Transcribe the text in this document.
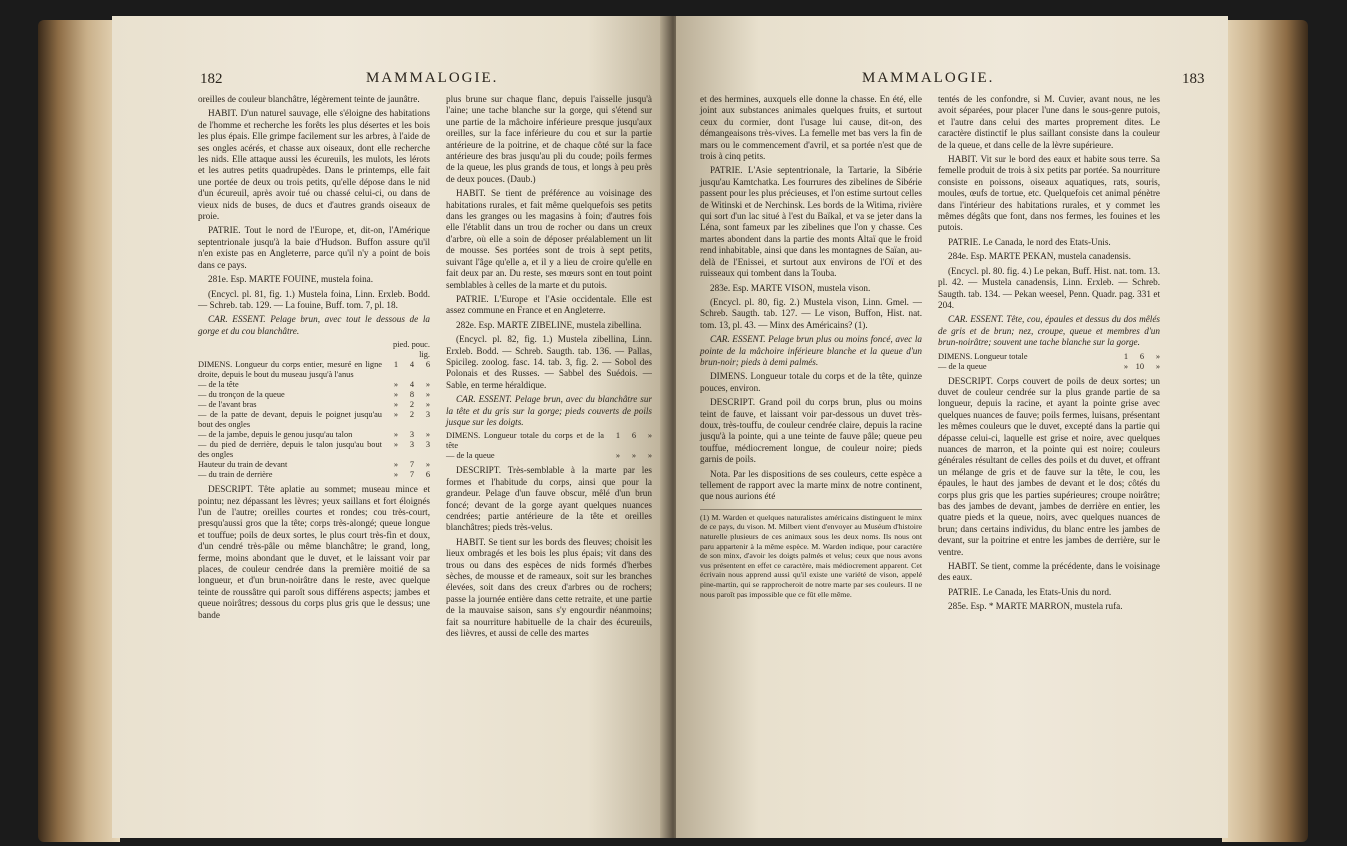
182	MAMMALOGIE.

oreilles de couleur blanchâtre, légèrement teinte de jaunâtre.

HABIT. D'un naturel sauvage, elle s'éloigne des habitations de l'homme et recherche les forêts les plus désertes et les bois les plus épais. Elle grimpe facilement sur les arbres, à l'aide de ses ongles acérés, et chasse aux oiseaux, dont elle recherche les nids. Elle attaque aussi les écureuils, les mulots, les lérots et les autres petits quadrupèdes. Dans le printemps, elle fait une portée de deux ou trois petits, qu'elle dépose dans le nid d'un écureuil, après avoir tué ou chassé celui-ci, ou dans de vieux nids de buses, de ducs et d'autres grands oiseaux de proie.

PATRIE. Tout le nord de l'Europe, et, dit-on, l'Amérique septentrionale jusqu'à la baie d'Hudson. Buffon assure qu'il n'en existe pas en Angleterre, parce qu'il n'y a point de bois dans ce pays.

281e. Esp. MARTE FOUINE, mustela foina.

(Encycl. pl. 81, fig. 1.) Mustela foina, Linn. Erxleb. Bodd. — Schreb. tab. 129. — La fouine, Buff. tom. 7, pl. 18.

CAR. ESSENT. Pelage brun, avec tout le dessous de la gorge et du cou blanchâtre.

	pied. pouc. lig.		
DIMENS. Longueur du corps entier, mesuré en ligne droite, depuis le bout du museau jusqu'à l'anus	1	4	6
— de la tête	»	4	»
— du tronçon de la queue	»	8	»
— de l'avant bras	»	2	»
— de la patte de devant, depuis le poignet jusqu'au bout des ongles	»	2	3
— de la jambe, depuis le genou jusqu'au talon	»	3	»
— du pied de derrière, depuis le talon jusqu'au bout des ongles	»	3	3
Hauteur du train de devant	»	7	»
— du train de derrière	»	7	6

DESCRIPT. Tête aplatie au sommet; museau mince et pointu; nez dépassant les lèvres; yeux saillans et fort éloignés l'un de l'autre; oreilles courtes et rondes; cou très-court, presqu'aussi gros que la tête; corps très-alongé; queue longue et touffue; poils de deux sortes, le plus court très-fin et doux, d'un cendré très-pâle ou même blanchâtre; le grand, long, ferme, moins abondant que le duvet, et le laissant voir par places, de couleur cendrée dans la première moitié de sa longueur, et d'un brun-noirâtre dans le reste, avec quelque teinte de roussâtre qui paroît sous différens aspects; jambes et queue noirâtres; dessous du corps plus gris que le dessus; une bande

plus brune sur chaque flanc, depuis l'aisselle jusqu'à l'aine; une tache blanche sur la gorge, qui s'étend sur une partie de la mâchoire inférieure presque jusqu'aux oreilles, sur la face inférieure du cou et sur la partie antérieure de la poitrine, et de chaque côté sur la face antérieure des bras jusqu'au pli du coude; poils fermes de la queue, les plus grands de tous, et longs à peu près de deux pouces. (Daub.)

HABIT. Se tient de préférence au voisinage des habitations rurales, et fait même quelquefois ses petits dans les granges ou les magasins à foin; d'autres fois elle l'établit dans un trou de rocher ou dans un creux d'arbre, où elle a soin de déposer préalablement un lit de mousse. Ses portées sont de trois à sept petits, suivant l'âge qu'elle a, et il y a lieu de croire qu'elle en fait deux par an. Du reste, ses mœurs sont en tout point semblables à celles de la marte et du putois.

PATRIE. L'Europe et l'Asie occidentale. Elle est assez commune en France et en Angleterre.

282e. Esp. MARTE ZIBELINE, mustela zibellina.

(Encycl. pl. 82, fig. 1.) Mustela zibellina, Linn. Erxleb. Bodd. — Schreb. Saugth. tab. 136. — Pallas, Spicileg. zoolog. fasc. 14. tab. 3, fig. 2. — Sobol des Polonais et des Russes. — Sabbel des Suédois. — Sable, en terme héraldique.

CAR. ESSENT. Pelage brun, avec du blanchâtre sur la tête et du gris sur la gorge; pieds couverts de poils jusque sur les doigts.

DIMENS. Longueur totale du corps et de la tête	1	6	»
— de la queue	»	»	»

DESCRIPT. Très-semblable à la marte par les formes et l'habitude du corps, ainsi que pour la grandeur. Pelage d'un fauve obscur, mêlé d'un brun foncé; devant de la gorge ayant quelques nuances cendrées; partie antérieure de la tête et oreilles blanchâtres; pieds très-velus.

HABIT. Se tient sur les bords des fleuves; choisit les lieux ombragés et les bois les plus épais; vit dans des trous ou dans des espèces de nids formés d'herbes sèches, de mousse et de rameaux, soit sur les branches élevées, soit dans des creux d'arbres ou de rochers; passe la journée entière dans cette retraite, et une partie de la mauvaise saison, sans s'y engourdir néanmoins; fait sa nourriture habituelle de la chair des écureuils, des lièvres, et aussi de celle des martes

MAMMALOGIE.	183

et des hermines, auxquels elle donne la chasse. En été, elle joint aux substances animales quelques fruits, et surtout ceux du cormier, dont l'usage lui cause, dit-on, des démangeaisons très-vives. La femelle met bas vers la fin de mars ou le commencement d'avril, et sa portée n'est que de trois à cinq petits.

PATRIE. L'Asie septentrionale, la Tartarie, la Sibérie jusqu'au Kamtchatka. Les fourrures des zibelines de Sibérie passent pour les plus précieuses, et l'on estime surtout celles de Witinski et de Nerchinsk. Les bords de la Witima, rivière qui sort d'un lac situé à l'est du Baïkal, et va se jeter dans la Léna, sont fameux par les zibelines que l'on y chasse. Ces martes abondent dans la partie des monts Altaï que le froid rend inhabitable, ainsi que dans les montagnes de Saïan, au-delà de l'Enissei, et surtout aux environs de l'Oï et des ruisseaux qui tombent dans la Touba.

283e. Esp. MARTE VISON, mustela vison.

(Encycl. pl. 80, fig. 2.) Mustela vison, Linn. Gmel. — Schreb. Saugth. tab. 127. — Le vison, Buffon, Hist. nat. tom. 13, pl. 43. — Minx des Américains? (1).

CAR. ESSENT. Pelage brun plus ou moins foncé, avec la pointe de la mâchoire inférieure blanche et la queue d'un brun-noir; pieds à demi palmés.

DIMENS. Longueur totale du corps et de la tête, quinze pouces, environ.

DESCRIPT. Grand poil du corps brun, plus ou moins teint de fauve, et laissant voir par-dessous un duvet très-doux, très-touffu, de couleur cendrée claire, depuis la racine jusqu'à la pointe, qui a une teinte de fauve pâle; queue peu touffue, médiocrement longue, de couleur noire; pieds garnis de poils.

Nota. Par les dispositions de ses couleurs, cette espèce a tellement de rapport avec la marte minx de notre continent, que nous aurions été

(1) M. Warden et quelques naturalistes américains distinguent le minx de ce pays, du vison. M. Milbert vient d'envoyer au Muséum d'histoire naturelle plusieurs de ces animaux sous les deux noms. Ils nous ont paru appartenir à la même espèce. M. Warden indique, pour caractère de son minx, d'avoir les doigts palmés et velus; ceux que nous avons vus présentent en effet ce caractère, mais médiocrement apparent. Cet écrivain nous apprend aussi qu'il existe une variété de vison, appelé pine-martin, qui se rapprocheroit de notre marte par ses couleurs. Il ne nous paroît pas impossible que ce fût elle même.

tentés de les confondre, si M. Cuvier, avant nous, ne les avoit séparées, pour placer l'une dans le sous-genre putois, et l'autre dans celui des martes proprement dites. Le caractère distinctif le plus saillant consiste dans la couleur de la queue, et dans celle de la lèvre supérieure.

HABIT. Vit sur le bord des eaux et habite sous terre. Sa femelle produit de trois à six petits par portée. Sa nourriture consiste en poissons, oiseaux aquatiques, rats, souris, moules, œufs de tortue, etc. Quelquefois cet animal pénètre dans l'intérieur des habitations rurales, et y commet les mêmes dégâts que font, dans nos fermes, les fouines et les putois.

PATRIE. Le Canada, le nord des Etats-Unis.

284e. Esp. MARTE PEKAN, mustela canadensis.

(Encycl. pl. 80. fig. 4.) Le pekan, Buff. Hist. nat. tom. 13. pl. 42. — Mustela canadensis, Linn. Erxleb. — Schreb. Saugth. tab. 134. — Pekan weesel, Penn. Quadr. pag. 331 et 204.

CAR. ESSENT. Tête, cou, épaules et dessus du dos mêlés de gris et de brun; nez, croupe, queue et membres d'un brun-noirâtre; souvent une tache blanche sur la gorge.

DIMENS. Longueur totale	1	6	»
— de la queue	»	10	»

DESCRIPT. Corps couvert de poils de deux sortes; un duvet de couleur cendrée sur la plus grande partie de sa longueur, depuis la racine, et ayant la pointe grise avec quelques nuances de fauve; poils fermes, luisans, présentant les mêmes couleurs que le duvet, excepté dans la partie qui dépasse celui-ci, laquelle est grise et noire, avec quelques nuances de marron, et la pointe qui est noire; couleurs générales résultant de celles des poils et du duvet, et offrant un mélange de gris et de fauve sur la tête, le cou, les épaules, le haut des jambes de devant et le dos; côtés du corps plus gris que les parties supérieures; croupe noirâtre; bas des jambes de devant, jambes de derrière en entier, les quatre pieds et la queue, noirs, avec quelques nuances de brun; dans certains individus, du blanc entre les jambes de devant, sur la poitrine et entre les jambes de derrière, sur le ventre.

HABIT. Se tient, comme la précédente, dans le voisinage des eaux.

PATRIE. Le Canada, les Etats-Unis du nord.

285e. Esp. * MARTE MARRON, mustela rufa.
